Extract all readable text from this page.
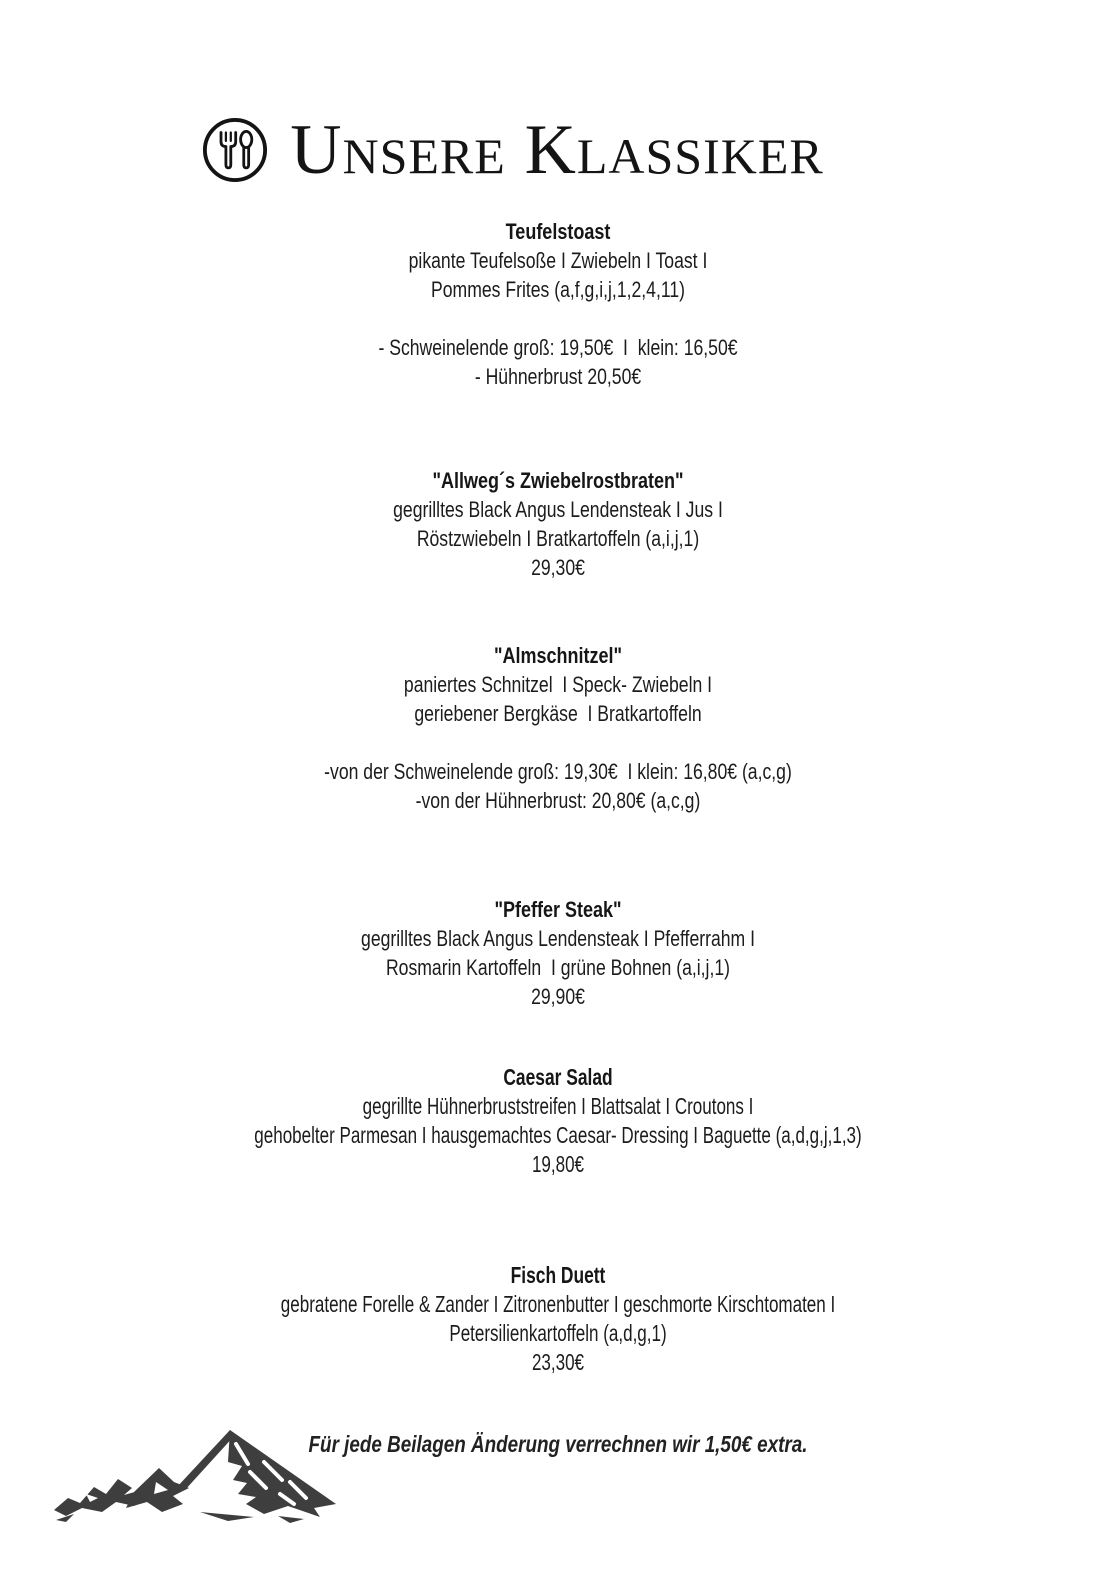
Unsere Klassiker
Teufelstoast

pikante Teufelsoße I Zwiebeln I Toast I

Pommes Frites (a,f,g,i,j,1,2,4,11)

- Schweinelende groß: 19,50€  I  klein: 16,50€

- Hühnerbrust 20,50€

"Allweg´s Zwiebelrostbraten"

gegrilltes Black Angus Lendensteak I Jus I

Röstzwiebeln I Bratkartoffeln (a,i,j,1)

29,30€

"Almschnitzel"

paniertes Schnitzel  I Speck- Zwiebeln I

geriebener Bergkäse  I Bratkartoffeln

-von der Schweinelende groß: 19,30€  I klein: 16,80€ (a,c,g)

-von der Hühnerbrust: 20,80€ (a,c,g)

"Pfeffer Steak"

gegrilltes Black Angus Lendensteak I Pfefferrahm I

Rosmarin Kartoffeln  I grüne Bohnen (a,i,j,1)

29,90€

Caesar Salad

gegrillte Hühnerbruststreifen I Blattsalat I Croutons I

gehobelter Parmesan I hausgemachtes Caesar- Dressing I Baguette (a,d,g,j,1,3)

19,80€

Fisch Duett

gebratene Forelle & Zander I Zitronenbutter I geschmorte Kirschtomaten I

Petersilienkartoffeln (a,d,g,1)

23,30€

Für jede Beilagen Änderung verrechnen wir 1,50€ extra.
